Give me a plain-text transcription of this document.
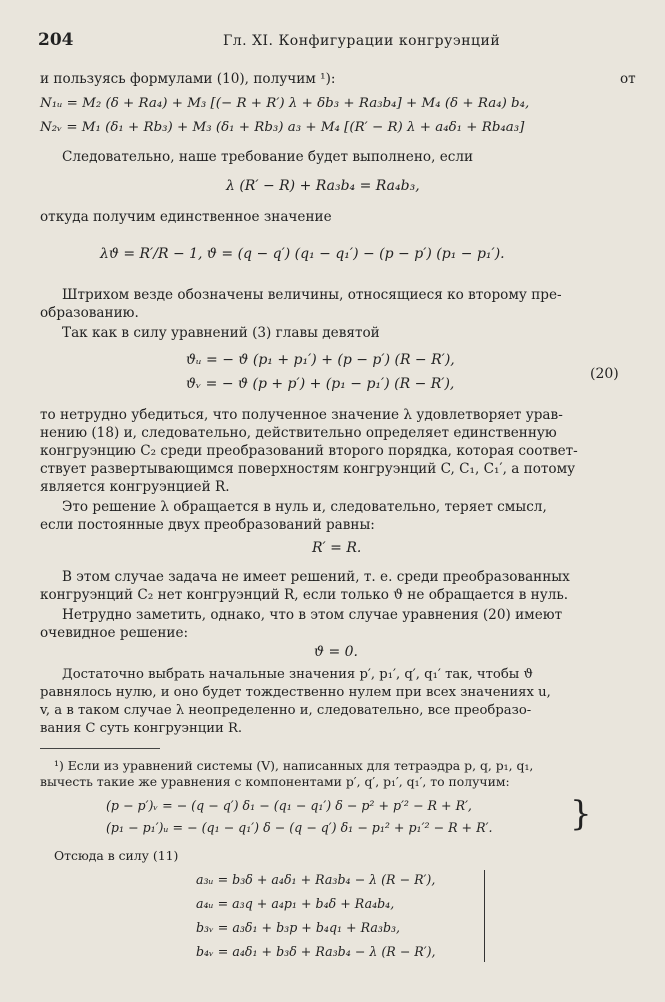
204	Гл. XI. Конфигурации конгруэнций
и пользуясь формулами (10), получим ¹):	от
N₁ᵤ = M₂ (δ + Ra₄) + M₃ [(− R + R′) λ + δb₃ + Ra₃b₄] + M₄ (δ + Ra₄) b₄,
N₂ᵥ = M₁ (δ₁ + Rb₃) + M₃ (δ₁ + Rb₃) a₃ + M₄ [(R′ − R) λ + a₄δ₁ + Rb₄a₃]
Следовательно, наше требование будет выполнено, если
λ (R′ − R) + Ra₃b₄ = Ra₄b₃,
откуда получим единственное значение
λϑ = R′/R − 1, ϑ = (q − q′) (q₁ − q₁′) − (p − p′) (p₁ − p₁′).
Штрихом везде обозначены величины, относящиеся ко второму пре-
образованию.
Так как в силу уравнений (3) главы девятой
ϑᵤ = − ϑ (p₁ + p₁′) + (p − p′) (R − R′),
ϑᵥ = − ϑ (p + p′) + (p₁ − p₁′) (R − R′),
(20)
то нетрудно убедиться, что полученное значение λ удовлетворяет урав-
нению (18) и, следовательно, действительно определяет единственную
конгруэнцию C₂ среди преобразований второго порядка, которая соответ-
ствует развертывающимся поверхностям конгруэнций C, C₁, C₁′, а потому
является конгруэнцией R.
Это решение λ обращается в нуль и, следовательно, теряет смысл,
если постоянные двух преобразований равны:
R′ = R.
В этом случае задача не имеет решений, т. е. среди преобразованных
конгруэнций C₂ нет конгруэнций R, если только ϑ не обращается в нуль.
Нетрудно заметить, однако, что в этом случае уравнения (20) имеют
очевидное решение:
ϑ = 0.
Достаточно выбрать начальные значения p′, p₁′, q′, q₁′ так, чтобы ϑ
равнялось нулю, и оно будет тождественно нулем при всех значениях u,
v, а в таком случае λ неопределенно и, следовательно, все преобразо-
вания C суть конгруэнции R.
¹) Если из уравнений системы (V), написанных для тетраэдра p, q, p₁, q₁,
вычесть такие же уравнения с компонентами p′, q′, p₁′, q₁′, то получим:
(p − p′)ᵥ = − (q − q′) δ₁ − (q₁ − q₁′) δ − p² + p′² − R + R′,
(p₁ − p₁′)ᵤ = − (q₁ − q₁′) δ − (q − q′) δ₁ − p₁² + p₁′² − R + R′. }
Отсюда в силу (11)
a₃ᵤ = b₃δ + a₄δ₁ + Ra₃b₄ − λ (R − R′),
a₄ᵤ = a₃q + a₄p₁ + b₄δ + Ra₄b₄,
b₃ᵥ = a₃δ₁ + b₃p + b₄q₁ + Ra₃b₃,
b₄ᵥ = a₄δ₁ + b₃δ + Ra₃b₄ − λ (R − R′),
